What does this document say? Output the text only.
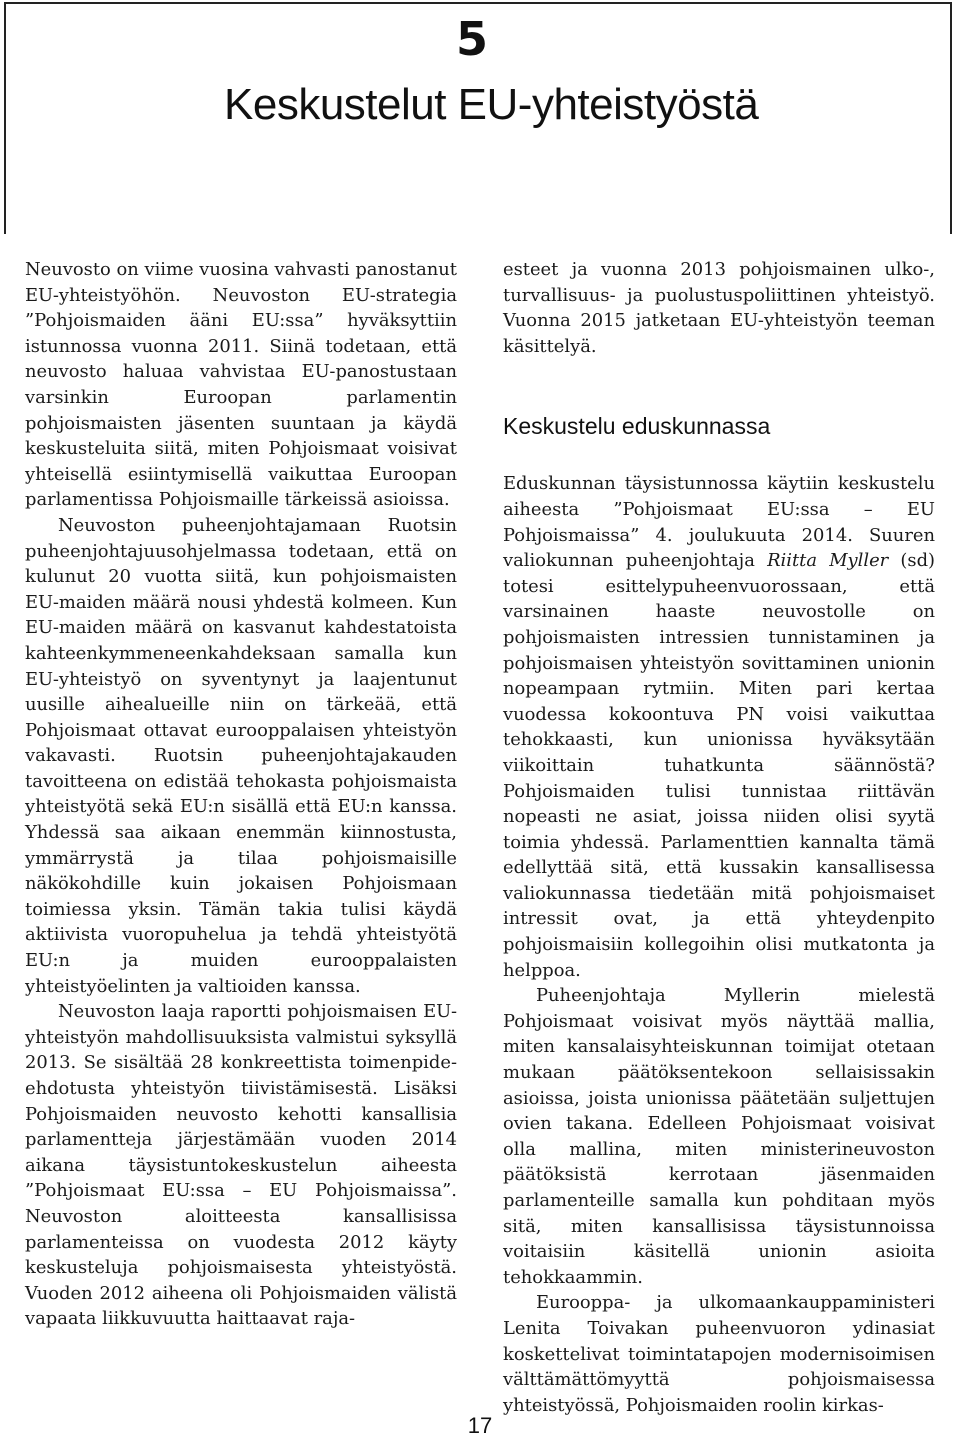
5
Keskustelut EU-yhteistyöstä

Neuvosto on viime vuosina vahvasti panostanut EU-yhteistyöhön. Neuvoston EU-strategia ”Pohjoismaiden ääni EU:ssa” hyväksyttiin istunnossa vuonna 2011. Siinä todetaan, että neuvosto haluaa vahvistaa EU-panostustaan varsinkin Euroopan parlamentin pohjoismaisten jäsenten suuntaan ja käydä keskusteluita siitä, miten Pohjoismaat voisivat yhteisellä esiintymisellä vaikuttaa Euroopan parlamentissa Pohjoismaille tärkeissä asioissa.

Neuvoston puheenjohtajamaan Ruotsin puheenjohtajuusohjelmassa todetaan, että on kulunut 20 vuotta siitä, kun pohjoismaisten EU-maiden määrä nousi yhdestä kolmeen. Kun EU-maiden määrä on kasvanut kahdestatoista kahteenkymmeneenkahdeksaan samalla kun EU-yhteistyö on syventynyt ja laajentunut uusille aihealueille niin on tärkeää, että Pohjoismaat ottavat eurooppalaisen yhteistyön vakavasti. Ruotsin puheenjohtajakauden tavoitteena on edistää tehokasta pohjoismaista yhteistyötä sekä EU:n sisällä että EU:n kanssa. Yhdessä saa aikaan enemmän kiinnostusta, ymmärrystä ja tilaa pohjoismaisille näkökohdille kuin jokaisen Pohjoismaan toimiessa yksin. Tämän takia tulisi käydä aktiivista vuoropuhelua ja tehdä yhteistyötä EU:n ja muiden eurooppalaisten yhteistyöelinten ja valtioiden kanssa.

Neuvoston laaja raportti pohjoismaisen EU-yhteistyön mahdollisuuksista valmistui syksyllä 2013. Se sisältää 28 konkreettista toimenpide-ehdotusta yhteistyön tiivistämisestä. Lisäksi Pohjoismaiden neuvosto kehotti kansallisia parlamentteja järjestämään vuoden 2014 aikana täysistuntokeskustelun aiheesta ”Pohjoismaat EU:ssa – EU Pohjoismaissa”. Neuvoston aloitteesta kansallisissa parlamenteissa on vuodesta 2012 käyty keskusteluja pohjoismaisesta yhteistyöstä. Vuoden 2012 aiheena oli Pohjoismaiden välistä vapaata liikkuvuutta haittaavat raja-

esteet ja vuonna 2013 pohjoismainen ulko-, turvallisuus- ja puolustuspoliittinen yhteistyö. Vuonna 2015 jatketaan EU-yhteistyön teeman käsittelyä.

Keskustelu eduskunnassa

Eduskunnan täysistunnossa käytiin keskustelu aiheesta ”Pohjoismaat EU:ssa – EU Pohjoismaissa” 4. joulukuuta 2014. Suuren valiokunnan puheenjohtaja Riitta Myller (sd) totesi esittelypuheenvuorossaan, että varsinainen haaste neuvostolle on pohjoismaisten intressien tunnistaminen ja pohjoismaisen yhteistyön sovittaminen unionin nopeampaan rytmiin. Miten pari kertaa vuodessa kokoontuva PN voisi vaikuttaa tehokkaasti, kun unionissa hyväksytään viikoittain tuhatkunta säännöstä? Pohjoismaiden tulisi tunnistaa riittävän nopeasti ne asiat, joissa niiden olisi syytä toimia yhdessä. Parlamenttien kannalta tämä edellyttää sitä, että kussakin kansallisessa valiokunnassa tiedetään mitä pohjoismaiset intressit ovat, ja että yhteydenpito pohjoismaisiin kollegoihin olisi mutkatonta ja helppoa.

Puheenjohtaja Myllerin mielestä Pohjoismaat voisivat myös näyttää mallia, miten kansalaisyhteiskunnan toimijat otetaan mukaan päätöksentekoon sellaisissakin asioissa, joista unionissa päätetään suljettujen ovien takana. Edelleen Pohjoismaat voisivat olla mallina, miten ministerineuvoston päätöksistä kerrotaan jäsenmaiden parlamenteille samalla kun pohditaan myös sitä, miten kansallisissa täysistunnoissa voitaisiin käsitellä unionin asioita tehokkaammin.

Eurooppa- ja ulkomaankauppaministeri Lenita Toivakan puheenvuoron ydinasiat koskettelivat toimintatapojen modernisoimisen välttämättömyyttä pohjoismaisessa yhteistyössä, Pohjoismaiden roolin kirkas-

17
